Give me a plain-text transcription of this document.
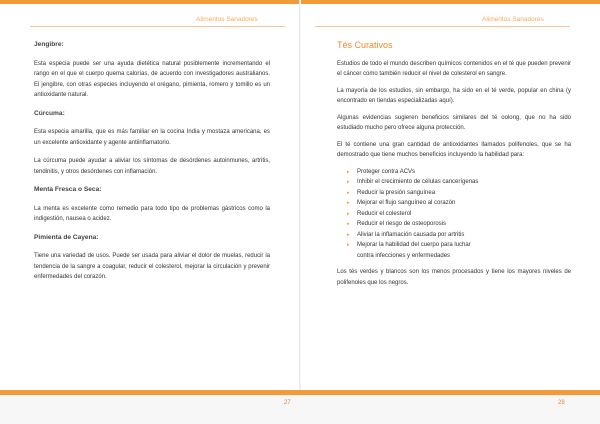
Alimentos Sanadores	Alimentos Sanadores
Jengibre:

Esta especia puede ser una ayuda dietética natural posiblemente incrementando el rango en el que el cuerpo quema calorías, de acuerdo con investigadores australianos. El jengibre, con otras especies incluyendo el orégano, pimienta, romero y tomillo es un antioxidante natural.

Cúrcuma:

Esta especia amarilla, que es más familiar en la cocina India y mostaza americana, es un excelente antioxidante y agente antiinflamatorio.

La cúrcuma puede ayudar a aliviar los síntomas de desórdenes autoinmunes, artritis, tendinitis, y otros desórdenes con inflamación.

Menta Fresca o Seca:

La menta es excelente como remedio para todo tipo de problemas gástricos como la indigestión, nausea o acidez.

Pimienta de Cayena:

Tiene una variedad de usos. Puede ser usada para aliviar el dolor de muelas, reducir la tendencia de la sangre a coagular, reducir el colesterol, mejorar la circulación y prevenir enfermedades del corazón.

Tés Curativos

Estudios de todo el mundo describen químicos contenidos en el té que pueden prevenir el cáncer como también reducir el nivel de colesterol en sangre.

La mayoría de los estudios, sin embargo, ha sido en el té verde, popular en china (y encontrado en tiendas especializadas aquí).

Algunas evidencias sugieren beneficios similares del té oolong, que no ha sido estudiado mucho pero ofrece alguna protección.

El té contiene una gran cantidad de antioxidantes llamados polifenoles, que se ha demostrado que tiene muchos beneficios incluyendo la habilidad para:

▸ Proteger contra ACVs
▸ Inhibir el crecimiento de células cancerígenas
▸ Reducir la presión sanguínea
▸ Mejorar el flujo sanguíneo al corazón
▸ Reducir el colesterol
▸ Reducir el riesgo de osteoporosis
▸ Aliviar la inflamación causada por artritis
▸ Mejorar la habilidad del cuerpo para luchar
contra infecciones y enfermedades

Los tés verdes y blancos son los menos procesados y tiene los mayores niveles de polifenoles que los negros.

27	28
